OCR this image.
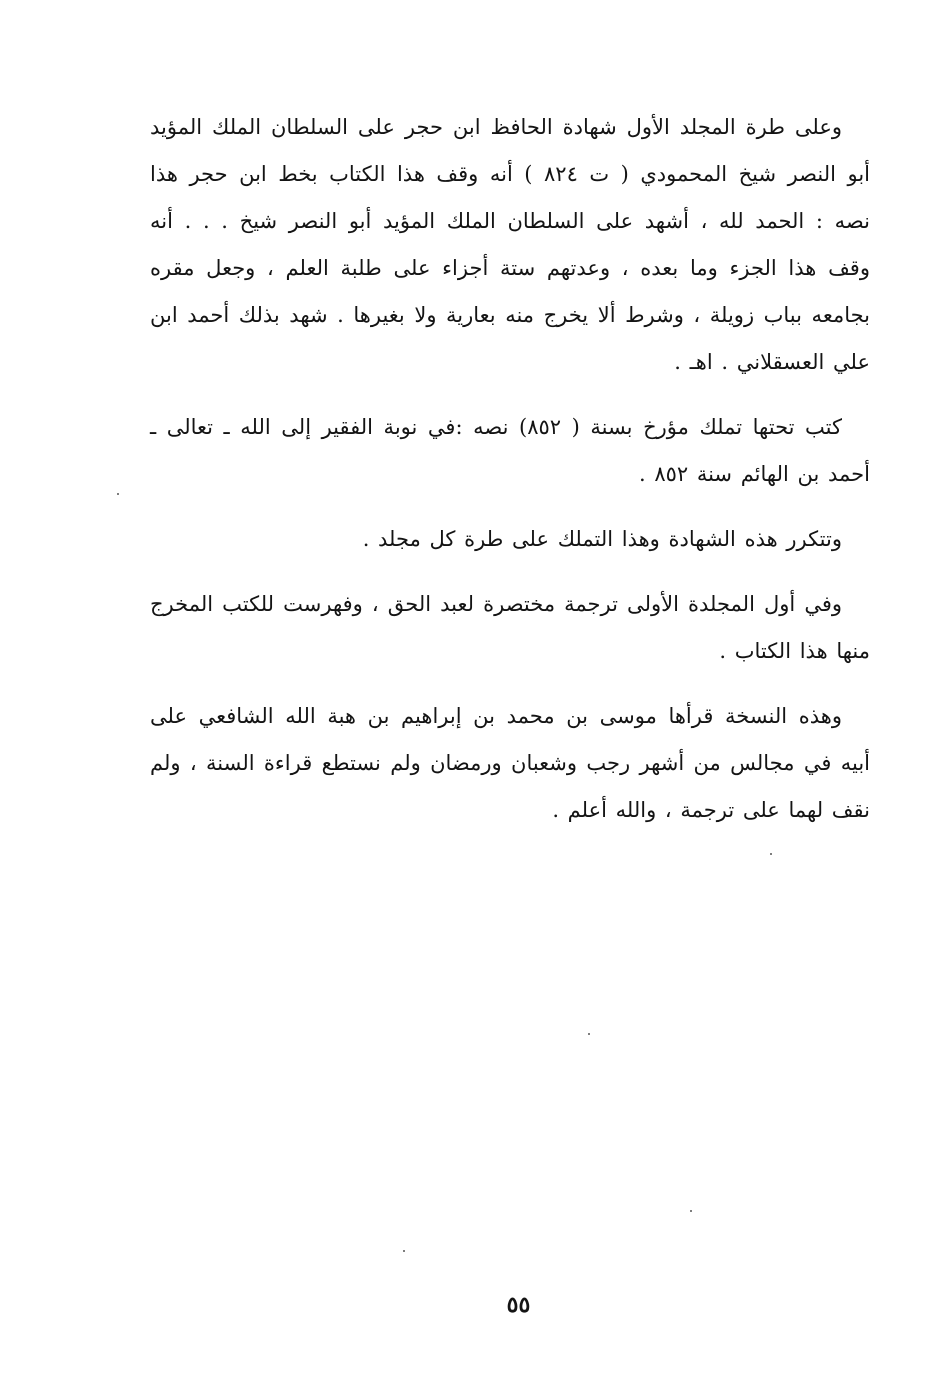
وعلى طرة المجلد الأول شهادة الحافظ ابن حجر على السلطان الملك المؤيد أبو النصر شيخ المحمودي ( ت ٨٢٤ ) أنه وقف هذا الكتاب بخط ابن حجر هذا نصه : الحمد لله ، أشهد على السلطان الملك المؤيد أبو النصر شيخ . . . أنه وقف هذا الجزء وما بعده ، وعدتهم ستة أجزاء على طلبة العلم ، وجعل مقره بجامعه بباب زويلة ، وشرط ألا يخرج منه بعارية ولا بغيرها . شهد بذلك أحمد ابن علي العسقلاني . اهـ .

كتب تحتها تملك مؤرخ بسنة ( ٨٥٢) نصه :في نوبة الفقير إلى الله ـ تعالى ـ أحمد بن الهائم سنة ٨٥٢ .

وتتكرر هذه الشهادة وهذا التملك على طرة كل مجلد .

وفي أول المجلدة الأولى ترجمة مختصرة لعبد الحق ، وفهرست للكتب المخرج منها هذا الكتاب .

وهذه النسخة قرأها موسى بن محمد بن إبراهيم بن هبة الله الشافعي على أبيه في مجالس من أشهر رجب وشعبان ورمضان ولم نستطع قراءة السنة ، ولم نقف لهما على ترجمة ، والله أعلم .

٥٥
